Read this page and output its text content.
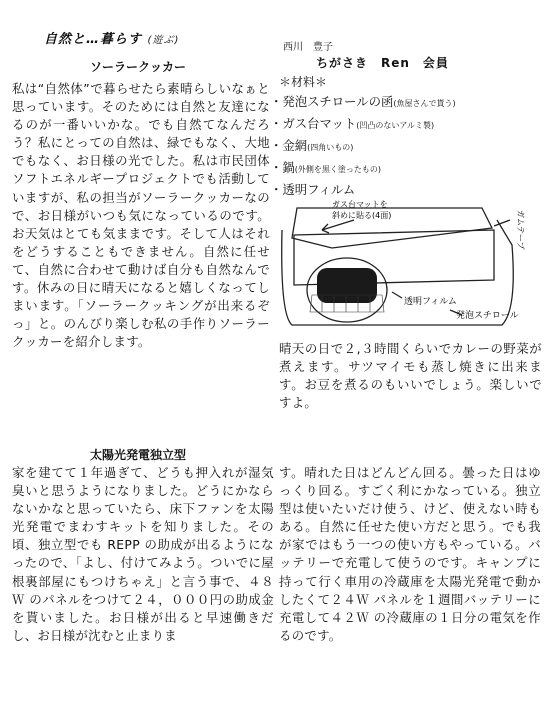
自然と…暮らす (遊ぶ)
西川　豊子
ちがさき　Ren　会員
ソーラークッカー
私は“自然体”で暮らせたら素晴らしいなぁと思っています。そのためには自然と友達になるのが一番いいかな。でも自然てなんだろう？私にとっての自然は、緑でもなく、大地でもなく、お日様の光でした。私は市民団体ソフトエネルギープロジェクトでも活動していますが、私の担当がソーラークッカーなので、お日様がいつも気になっているのです。お天気はとても気ままです。そして人はそれをどうすることもできません。自然に任せて、自然に合わせて動けば自分も自然なんです。休みの日に晴天になると嬉しくなってしまいます。「ソーラークッキングが出来るぞっ」と。のんびり楽しむ私の手作りソーラークッカーを紹介します。
＊材料＊
・発泡スチロールの函(魚屋さんで貰う)
・ガス台マット(凹凸のないアルミ製)
・金網(四角いもの)
・鍋(外側を黒く塗ったもの)
・透明フィルム
ガス台マットを
斜めに貼る(4面)	ガムテープ
透明フィルム
発泡スチロール
晴天の日で２,３時間くらいでカレーの野菜が煮えます。サツマイモも蒸し焼きに出来ます。お豆を煮るのもいいでしょう。楽しいですよ。
太陽光発電独立型
家を建てて１年過ぎて、どうも押入れが湿気臭いと思うようになりました。どうにかならないかなと思っていたら、床下ファンを太陽光発電でまわすキットを知りました。その頃、独立型でも REPP の助成が出るようになったので、「よし、付けてみよう。ついでに屋根裏部屋にもつけちゃえ」と言う事で、４８Ｗ のパネルをつけて２４，０００円の助成金を貰いました。お日様が出ると早速働きだし、お日様が沈むと止まりま
す。晴れた日はどんどん回る。曇った日はゆっくり回る。すごく利にかなっている。独立型は使いたいだけ使う、けど、使えない時もある。自然に任せた使い方だと思う。でも我が家ではもう一つの使い方もやっている。バッテリーで充電して使うのです。キャンプに持って行く車用の冷蔵庫を太陽光発電で動かしたくて２４Ｗ パネルを１週間バッテリーに充電して４２Ｗ の冷蔵庫の１日分の電気を作るのです。
